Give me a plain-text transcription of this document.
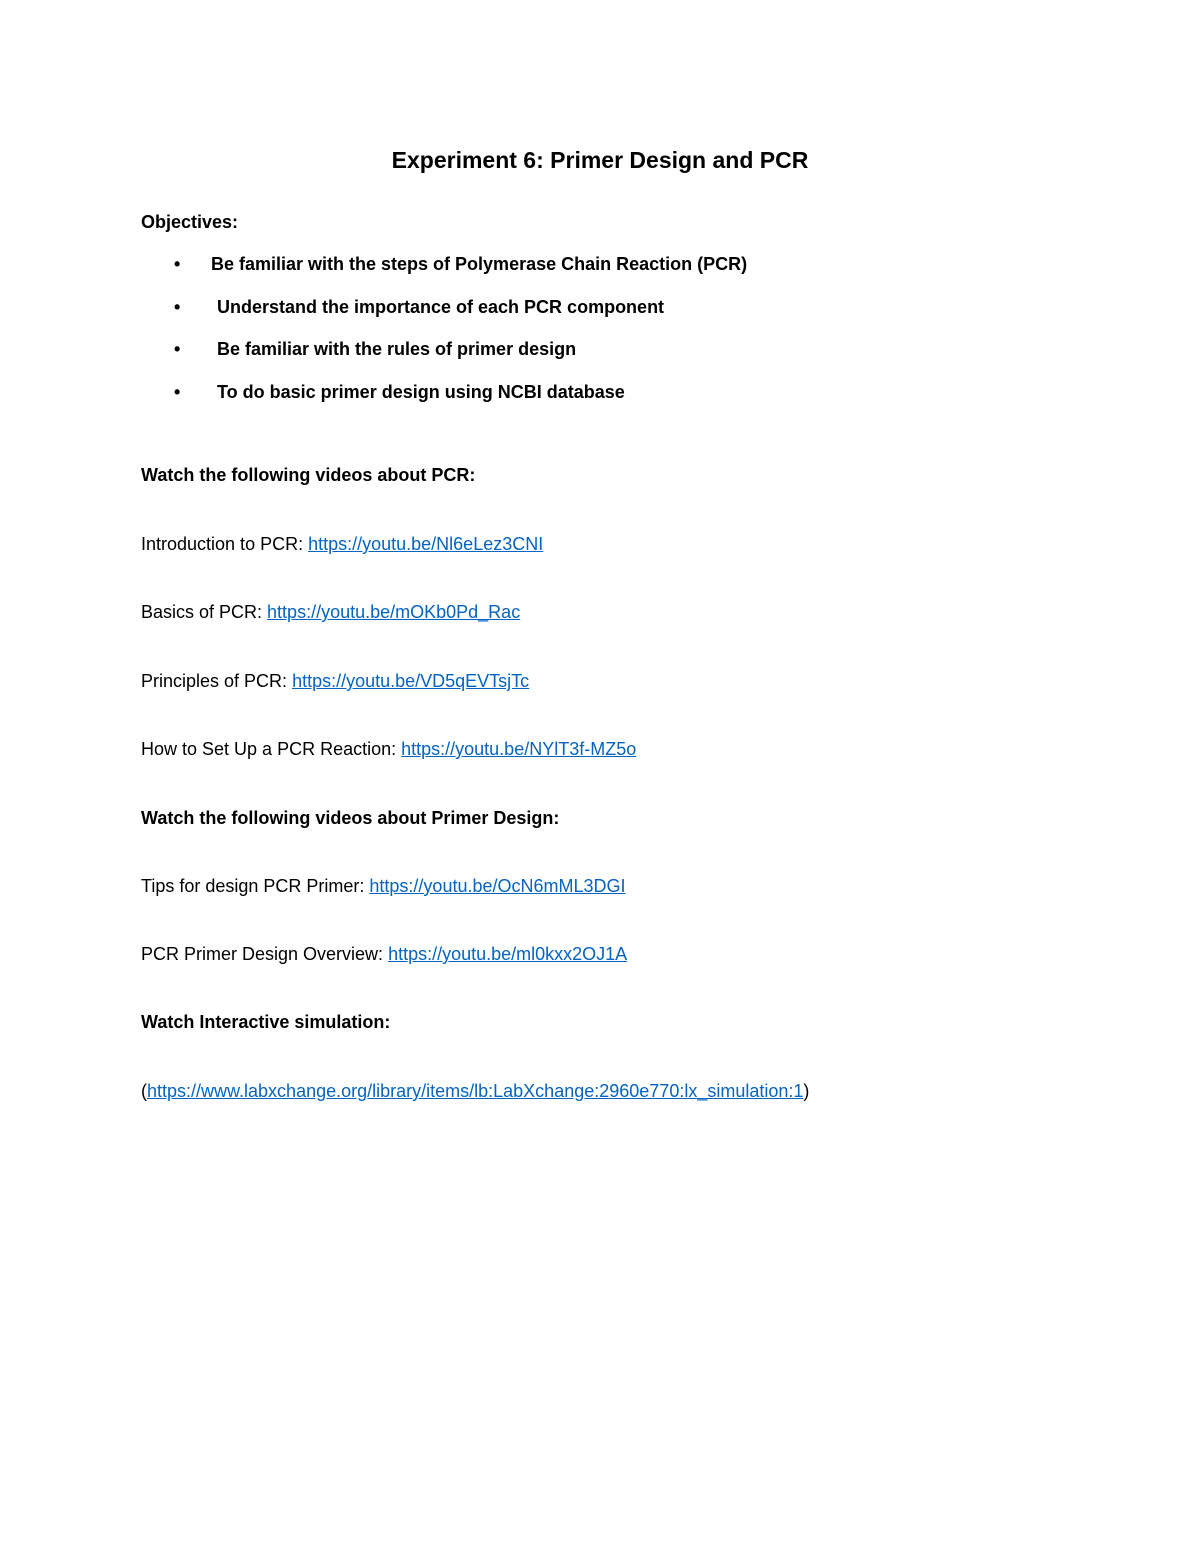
Experiment 6: Primer Design and PCR
Objectives:
•	Be familiar with the steps of Polymerase Chain Reaction (PCR)
•	Understand the importance of each PCR component
•	Be familiar with the rules of primer design
•	To do basic primer design using NCBI database
Watch the following videos about PCR:
Introduction to PCR: https://youtu.be/Nl6eLez3CNI
Basics of PCR: https://youtu.be/mOKb0Pd_Rac
Principles of PCR: https://youtu.be/VD5qEVTsjTc
How to Set Up a PCR Reaction: https://youtu.be/NYlT3f-MZ5o
Watch the following videos about Primer Design:
Tips for design PCR Primer: https://youtu.be/OcN6mML3DGI
PCR Primer Design Overview: https://youtu.be/ml0kxx2OJ1A
Watch Interactive simulation:
(https://www.labxchange.org/library/items/lb:LabXchange:2960e770:lx_simulation:1)
